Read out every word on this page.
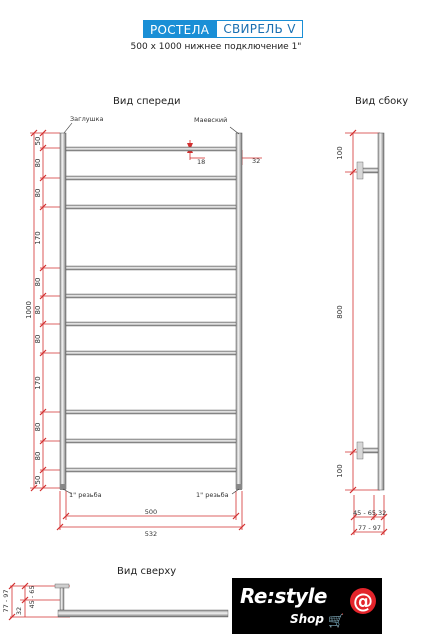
РОСТЕЛА	СВИРЕЛЬ V
500 x 1000 нижнее подключение 1"
Вид спереди	Вид сбоку
Вид сверху
50
80
80
170
80
80
80
170
80
80
50
1000
Заглушка	Маевский
1" резьба	1" резьба
18	32
500
532
100
800
100
45 - 65 32
77 - 97
77 - 97 32
45 - 65	Re:style @
🛒
Shop
